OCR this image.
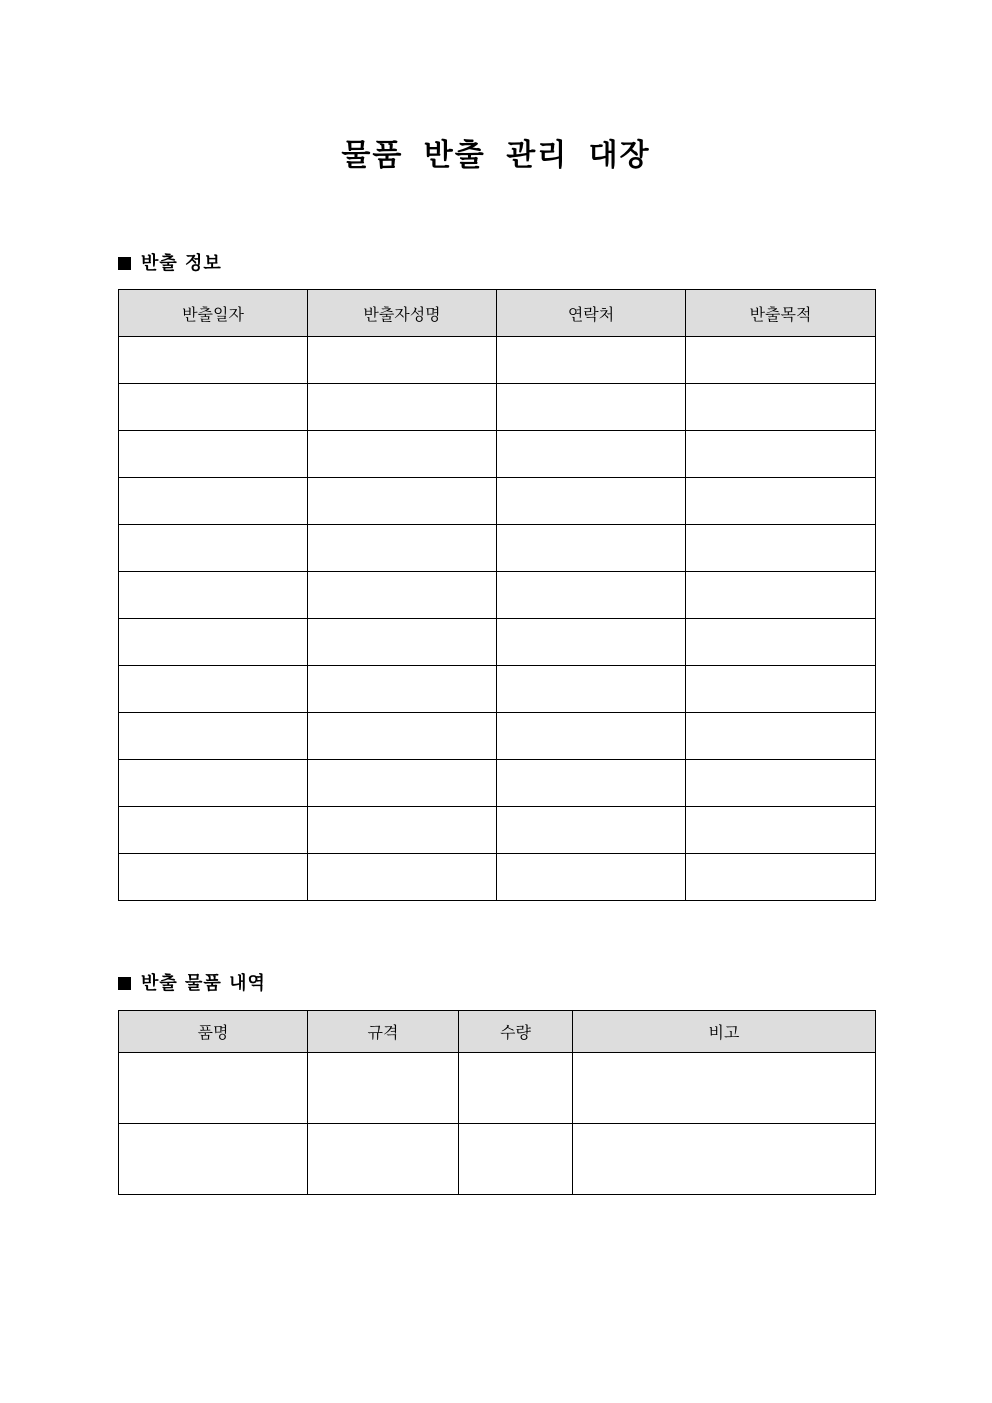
물품 반출 관리 대장
반출 정보
반출일자	반출자성명	연락처	반출목적

반출 물품 내역
품명	규격	수량	비고
